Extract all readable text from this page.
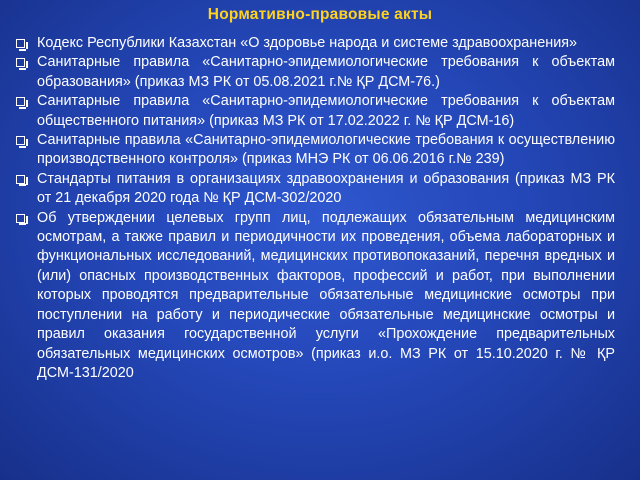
Нормативно-правовые акты
Кодекс Республики Казахстан «О здоровье народа и системе здравоохранения»
Санитарные правила «Санитарно-эпидемиологические требования к объектам образования» (приказ МЗ РК от 05.08.2021 г.№ ҚР ДСМ-76.)
Санитарные правила «Санитарно-эпидемиологические требования к объектам общественного питания» (приказ МЗ РК от 17.02.2022 г. № ҚР ДСМ-16)
Санитарные правила «Санитарно-эпидемиологические требования к осуществлению производственного контроля» (приказ МНЭ РК от 06.06.2016 г.№ 239)
Стандарты питания в организациях здравоохранения и образования (приказ МЗ РК от 21 декабря 2020 года № ҚР ДСМ-302/2020
Об утверждении целевых групп лиц, подлежащих обязательным медицинским осмотрам, а также правил и периодичности их проведения, объема лабораторных и функциональных исследований, медицинских противопоказаний, перечня вредных и (или) опасных производственных факторов, профессий и работ, при выполнении которых проводятся предварительные обязательные медицинские осмотры при поступлении на работу и периодические обязательные медицинские осмотры и правил оказания государственной услуги «Прохождение предварительных обязательных медицинских осмотров» (приказ и.о. МЗ РК от 15.10.2020 г. № ҚР ДСМ-131/2020
